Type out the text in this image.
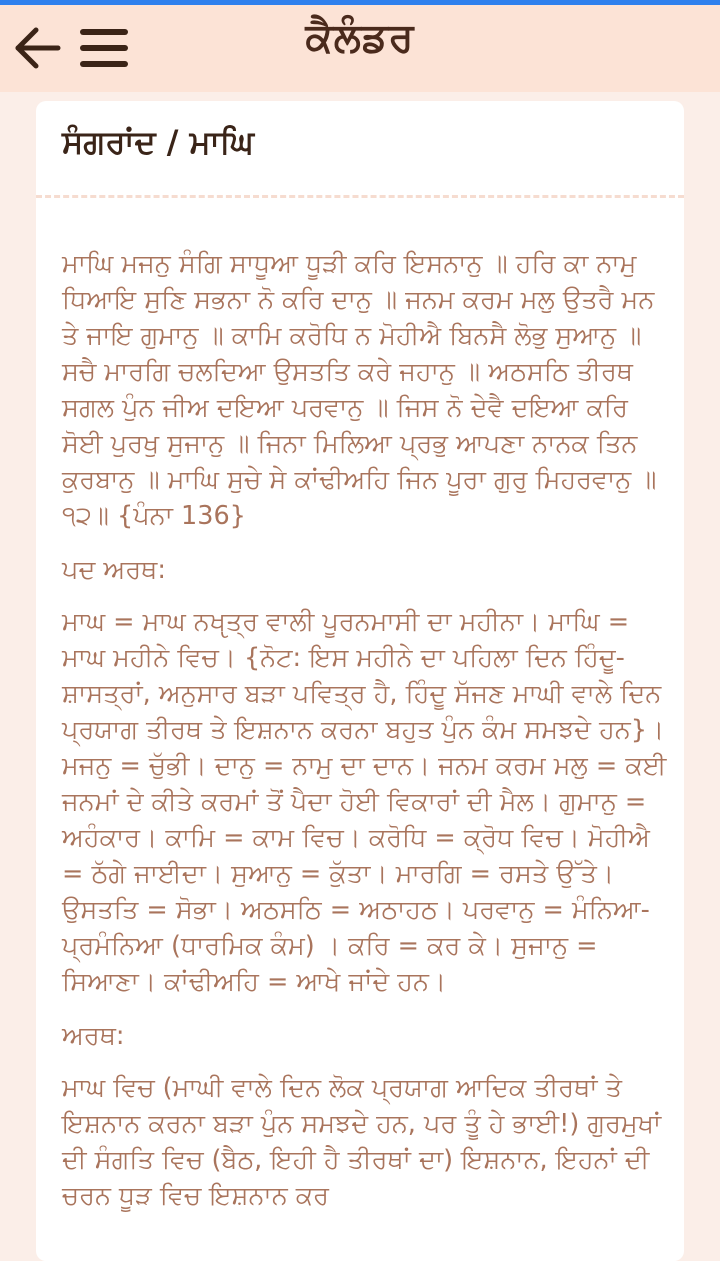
ਕੈਲੰਡਰ
ਸੰਗਰਾਂਦ / ਮਾਘਿ

ਮਾਘਿ ਮਜਨੁ ਸੰਗਿ ਸਾਧੂਆ ਧੂੜੀ ਕਰਿ ਇਸਨਾਨੁ ॥ ਹਰਿ ਕਾ ਨਾਮੁ ਧਿਆਇ ਸੁਣਿ ਸਭਨਾ ਨੋ ਕਰਿ ਦਾਨੁ ॥ ਜਨਮ ਕਰਮ ਮਲੁ ਉਤਰੈ ਮਨ ਤੇ ਜਾਇ ਗੁਮਾਨੁ ॥ ਕਾਮਿ ਕਰੋਧਿ ਨ ਮੋਹੀਐ ਬਿਨਸੈ ਲੋਭੁ ਸੁਆਨੁ ॥ ਸਚੈ ਮਾਰਗਿ ਚਲਦਿਆ ਉਸਤਤਿ ਕਰੇ ਜਹਾਨੁ ॥ ਅਠਸਠਿ ਤੀਰਥ ਸਗਲ ਪੁੰਨ ਜੀਅ ਦਇਆ ਪਰਵਾਨੁ ॥ ਜਿਸ ਨੋ ਦੇਵੈ ਦਇਆ ਕਰਿ ਸੋਈ ਪੁਰਖੁ ਸੁਜਾਨੁ ॥ ਜਿਨਾ ਮਿਲਿਆ ਪ੍ਰਭੁ ਆਪਣਾ ਨਾਨਕ ਤਿਨ ਕੁਰਬਾਨੁ ॥ ਮਾਘਿ ਸੁਚੇ ਸੇ ਕਾਂਢੀਅਹਿ ਜਿਨ ਪੂਰਾ ਗੁਰੁ ਮਿਹਰਵਾਨੁ ॥੧੨॥ {ਪੰਨਾ 136}

ਪਦ ਅਰਥ:

ਮਾਘ = ਮਾਘ ਨਖੵਤ੍ਰ ਵਾਲੀ ਪੂਰਨਮਾਸੀ ਦਾ ਮਹੀਨਾ। ਮਾਘਿ = ਮਾਘ ਮਹੀਨੇ ਵਿਚ। {ਨੋਟ: ਇਸ ਮਹੀਨੇ ਦਾ ਪਹਿਲਾ ਦਿਨ ਹਿੰਦੂ-ਸ਼ਾਸਤ੍ਰਾਂ, ਅਨੁਸਾਰ ਬੜਾ ਪਵਿਤ੍ਰ ਹੈ, ਹਿੰਦੂ ਸੱਜਣ ਮਾਘੀ ਵਾਲੇ ਦਿਨ ਪ੍ਰਯਾਗ ਤੀਰਥ ਤੇ ਇਸ਼ਨਾਨ ਕਰਨਾ ਬਹੁਤ ਪੁੰਨ ਕੰਮ ਸਮਝਦੇ ਹਨ}। ਮਜਨੁ = ਚੁੱਭੀ। ਦਾਨੁ = ਨਾਮੁ ਦਾ ਦਾਨ। ਜਨਮ ਕਰਮ ਮਲੁ = ਕਈ ਜਨਮਾਂ ਦੇ ਕੀਤੇ ਕਰਮਾਂ ਤੋਂ ਪੈਦਾ ਹੋਈ ਵਿਕਾਰਾਂ ਦੀ ਮੈਲ। ਗੁਮਾਨੁ = ਅਹੰਕਾਰ। ਕਾਮਿ = ਕਾਮ ਵਿਚ। ਕਰੋਧਿ = ਕ੍ਰੋਧ ਵਿਚ। ਮੋਹੀਐ = ਠੱਗੇ ਜਾਈਦਾ। ਸੁਆਨੁ = ਕੁੱਤਾ। ਮਾਰਗਿ = ਰਸਤੇ ਉੱਤੇ। ਉਸਤਤਿ = ਸੋਭਾ। ਅਠਸਠਿ = ਅਠਾਹਠ। ਪਰਵਾਨੁ = ਮੰਨਿਆ-ਪ੍ਰਮੰਨਿਆ (ਧਾਰਮਿਕ ਕੰਮ) । ਕਰਿ = ਕਰ ਕੇ। ਸੁਜਾਨੁ = ਸਿਆਣਾ। ਕਾਂਢੀਅਹਿ = ਆਖੇ ਜਾਂਦੇ ਹਨ।

ਅਰਥ:

ਮਾਘ ਵਿਚ (ਮਾਘੀ ਵਾਲੇ ਦਿਨ ਲੋਕ ਪ੍ਰਯਾਗ ਆਦਿਕ ਤੀਰਥਾਂ ਤੇ ਇਸ਼ਨਾਨ ਕਰਨਾ ਬੜਾ ਪੁੰਨ ਸਮਝਦੇ ਹਨ, ਪਰ ਤੂੰ ਹੇ ਭਾਈ!) ਗੁਰਮੁਖਾਂ ਦੀ ਸੰਗਤਿ ਵਿਚ (ਬੈਠ, ਇਹੀ ਹੈ ਤੀਰਥਾਂ ਦਾ) ਇਸ਼ਨਾਨ, ਇਹਨਾਂ ਦੀ ਚਰਨ ਧੂੜ ਵਿਚ ਇਸ਼ਨਾਨ ਕਰ
